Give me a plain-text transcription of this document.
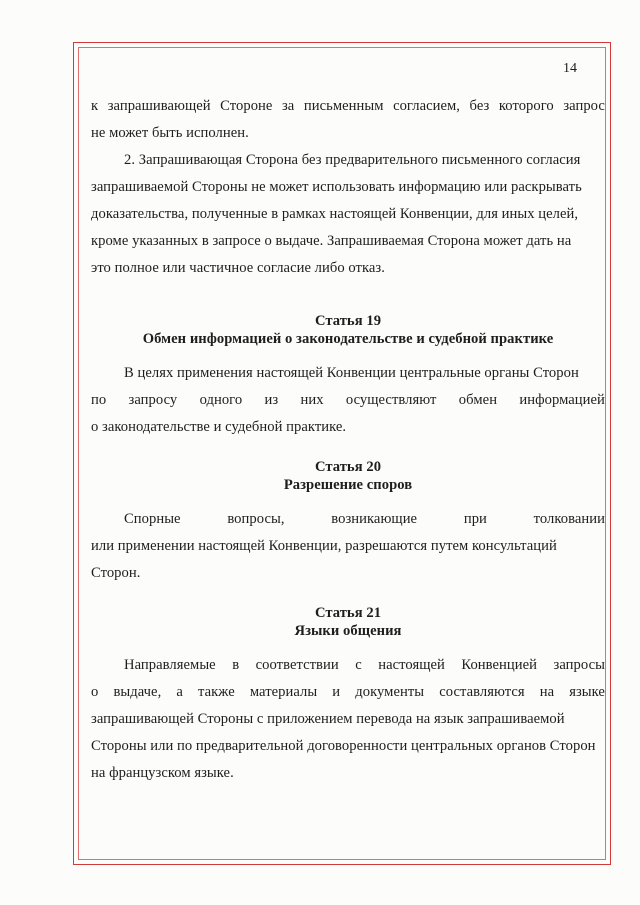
14
к запрашивающей Стороне за письменным согласием, без которого запрос
не может быть исполнен.
2. Запрашивающая Сторона без предварительного письменного согласия
запрашиваемой Стороны не может использовать информацию или раскрывать
доказательства, полученные в рамках настоящей Конвенции, для иных целей,
кроме указанных в запросе о выдаче. Запрашиваемая Сторона может дать на
это полное или частичное согласие либо отказ.
Статья 19
Обмен информацией о законодательстве и судебной практике
В целях применения настоящей Конвенции центральные органы Сторон
по запросу одного из них осуществляют обмен информацией
о законодательстве и судебной практике.
Статья 20
Разрешение споров
Спорные	вопросы,	возникающие	при	толковании
или применении настоящей Конвенции, разрешаются путем консультаций
Сторон.
Статья 21
Языки общения
Направляемые в соответствии с настоящей Конвенцией запросы
о выдаче, а также материалы и документы составляются на языке
запрашивающей Стороны с приложением перевода на язык запрашиваемой
Стороны или по предварительной договоренности центральных органов Сторон
на французском языке.
